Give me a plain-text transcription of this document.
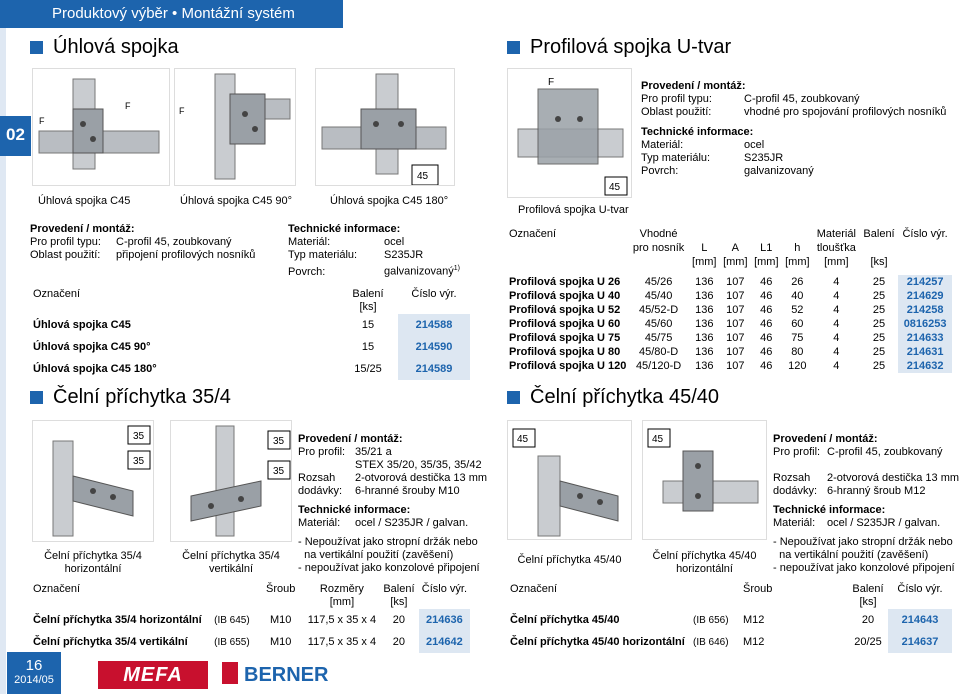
Produktový výběr • Montážní systém
02
Úhlová spojka
F
F	F
45
Úhlová spojka C45	Úhlová spojka C45 90°	Úhlová spojka C45 180°
Provedení / montáž:
Pro profil typu: C-profil 45, zoubkovaný
Oblast použití: připojení profilových nosníků
Technické informace:
Materiál:	ocel
Typ materiálu: S235JR
Povrch:	galvanizovaný$^{1)}$
Označení	Balení
[ks]	Číslo výr.
Úhlová spojka C45	15	214588
Úhlová spojka C45 90°	15	214590
Úhlová spojka C45 180°	15/25	214589
Profilová spojka U-tvar
F
45
Profilová spojka U-tvar
Provedení / montáž:
Pro profil typu:	C-profil 45, zoubkovaný
Oblast použití:	vhodné pro spojování profilových nosníků
Technické informace:
Materiál:	ocel
Typ materiálu:	S235JR
Povrch:	galvanizovaný
Označení	Vhodné					Materiál	Balení	Číslo výr.
	pro nosník	L	A	L1	h	tloušťka		
		[mm]	[mm]	[mm]	[mm]	[mm]	[ks]	

Profilová spojka U 26	45/26	136	107	46	26	4	25	214257
Profilová spojka U 40	45/40	136	107	46	40	4	25	214629
Profilová spojka U 52	45/52-D	136	107	46	52	4	25	214258
Profilová spojka U 60	45/60	136	107	46	60	4	25	0816253
Profilová spojka U 75	45/75	136	107	46	75	4	25	214633
Profilová spojka U 80	45/80-D	136	107	46	80	4	25	214631
Profilová spojka U 120	45/120-D	136	107	46	120	4	25	214632
Čelní příchytka 35/4
35
35
35
35
Čelní příchytka 35/4 horizontální
Čelní příchytka 35/4 vertikální
Provedení / montáž:
Pro profil: 35/21 a
STEX 35/20, 35/35, 35/42
Rozsah 2-otvorová destička 13 mm
dodávky: 6-hranné šrouby M10
Technické informace:
Materiál: ocel / S235JR / galvan.
- Nepoužívat jako stropní držák nebo
na vertikální použití (zavěšení)
- nepoužívat jako konzolové připojení
Označení		Šroub	Rozměry
[mm]	Balení
[ks]	Číslo výr.
Čelní příchytka 35/4 horizontální	(IB 645)	M10	117,5 x 35 x 4	20	214636
Čelní příchytka 35/4 vertikální	(IB 655)	M10	117,5 x 35 x 4	20	214642
Čelní příchytka 45/40
45	45
Čelní příchytka 45/40	Čelní příchytka 45/40 horizontální
Provedení / montáž:
Pro profil: C-profil 45, zoubkovaný
Rozsah 2-otvorová destička 13 mm
dodávky: 6-hranný šroub M12
Technické informace:
Materiál: ocel / S235JR / galvan.
- Nepoužívat jako stropní držák nebo
na vertikální použití (zavěšení)
- nepoužívat jako konzolové připojení
Označení		Šroub	Balení
[ks]	Číslo výr.
Čelní příchytka 45/40	(IB 656)	M12	20	214643
Čelní příchytka 45/40 horizontální	(IB 646)	M12	20/25	214637
16
2014/05	MEFA	BERNER
